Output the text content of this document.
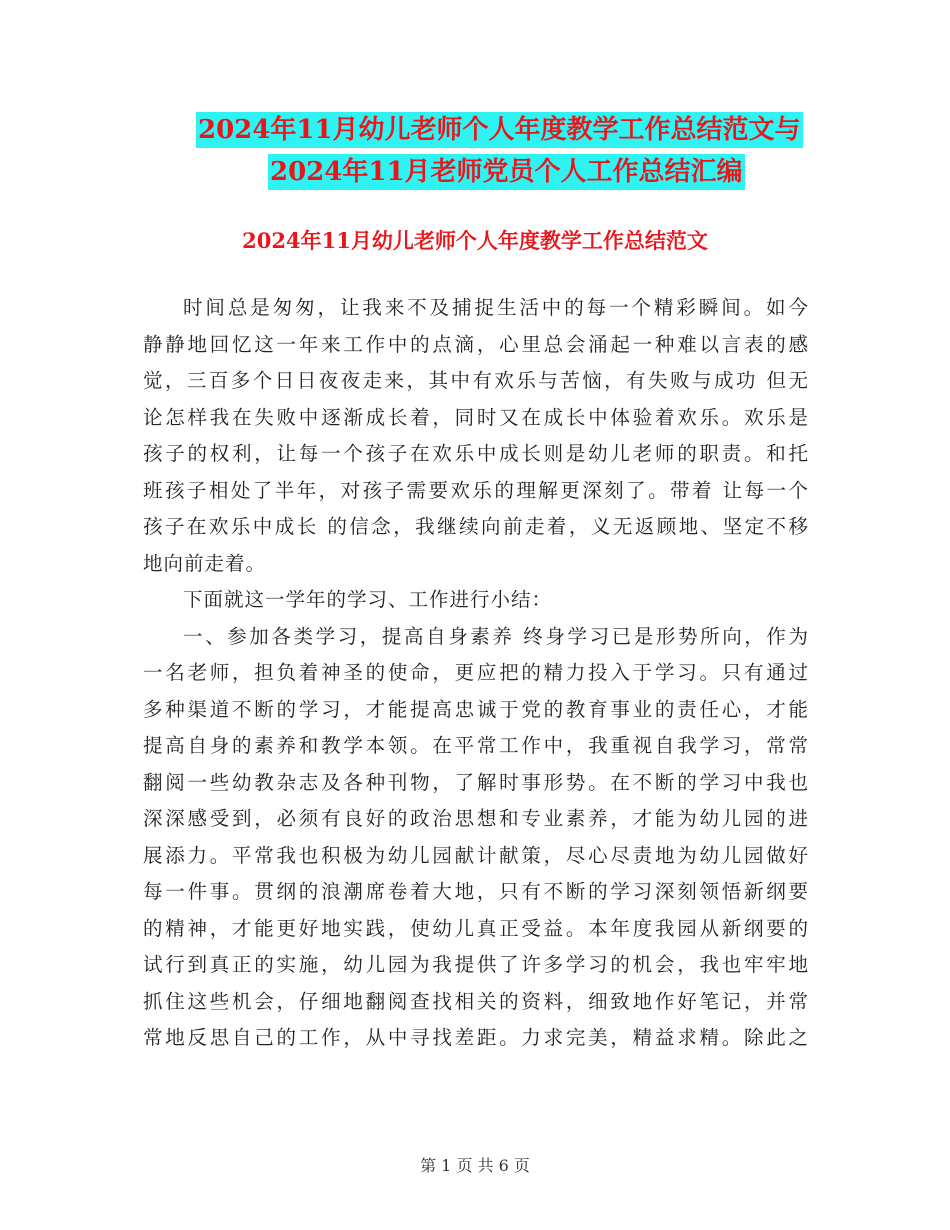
2024年11月幼儿老师个人年度教学工作总结范文与
2024年11月老师党员个人工作总结汇编
2024年11月幼儿老师个人年度教学工作总结范文
时间总是匆匆，让我来不及捕捉生活中的每一个精彩瞬间。如今
静静地回忆这一年来工作中的点滴，心里总会涌起一种难以言表的感
觉，三百多个日日夜夜走来，其中有欢乐与苦恼，有失败与成功 但无
论怎样我在失败中逐渐成长着，同时又在成长中体验着欢乐。欢乐是
孩子的权利，让每一个孩子在欢乐中成长则是幼儿老师的职责。和托
班孩子相处了半年，对孩子需要欢乐的理解更深刻了。带着 让每一个
孩子在欢乐中成长 的信念，我继续向前走着，义无返顾地、坚定不移
地向前走着。
下面就这一学年的学习、工作进行小结：
一、参加各类学习，提高自身素养 终身学习已是形势所向，作为
一名老师，担负着神圣的使命，更应把的精力投入于学习。只有通过
多种渠道不断的学习，才能提高忠诚于党的教育事业的责任心，才能
提高自身的素养和教学本领。在平常工作中，我重视自我学习，常常
翻阅一些幼教杂志及各种刊物，了解时事形势。在不断的学习中我也
深深感受到，必须有良好的政治思想和专业素养，才能为幼儿园的进
展添力。平常我也积极为幼儿园献计献策，尽心尽责地为幼儿园做好
每一件事。贯纲的浪潮席卷着大地，只有不断的学习深刻领悟新纲要
的精神，才能更好地实践，使幼儿真正受益。本年度我园从新纲要的
试行到真正的实施，幼儿园为我提供了许多学习的机会，我也牢牢地
抓住这些机会，仔细地翻阅查找相关的资料，细致地作好笔记，并常
常地反思自己的工作，从中寻找差距。力求完美，精益求精。除此之
第 1 页 共 6 页
